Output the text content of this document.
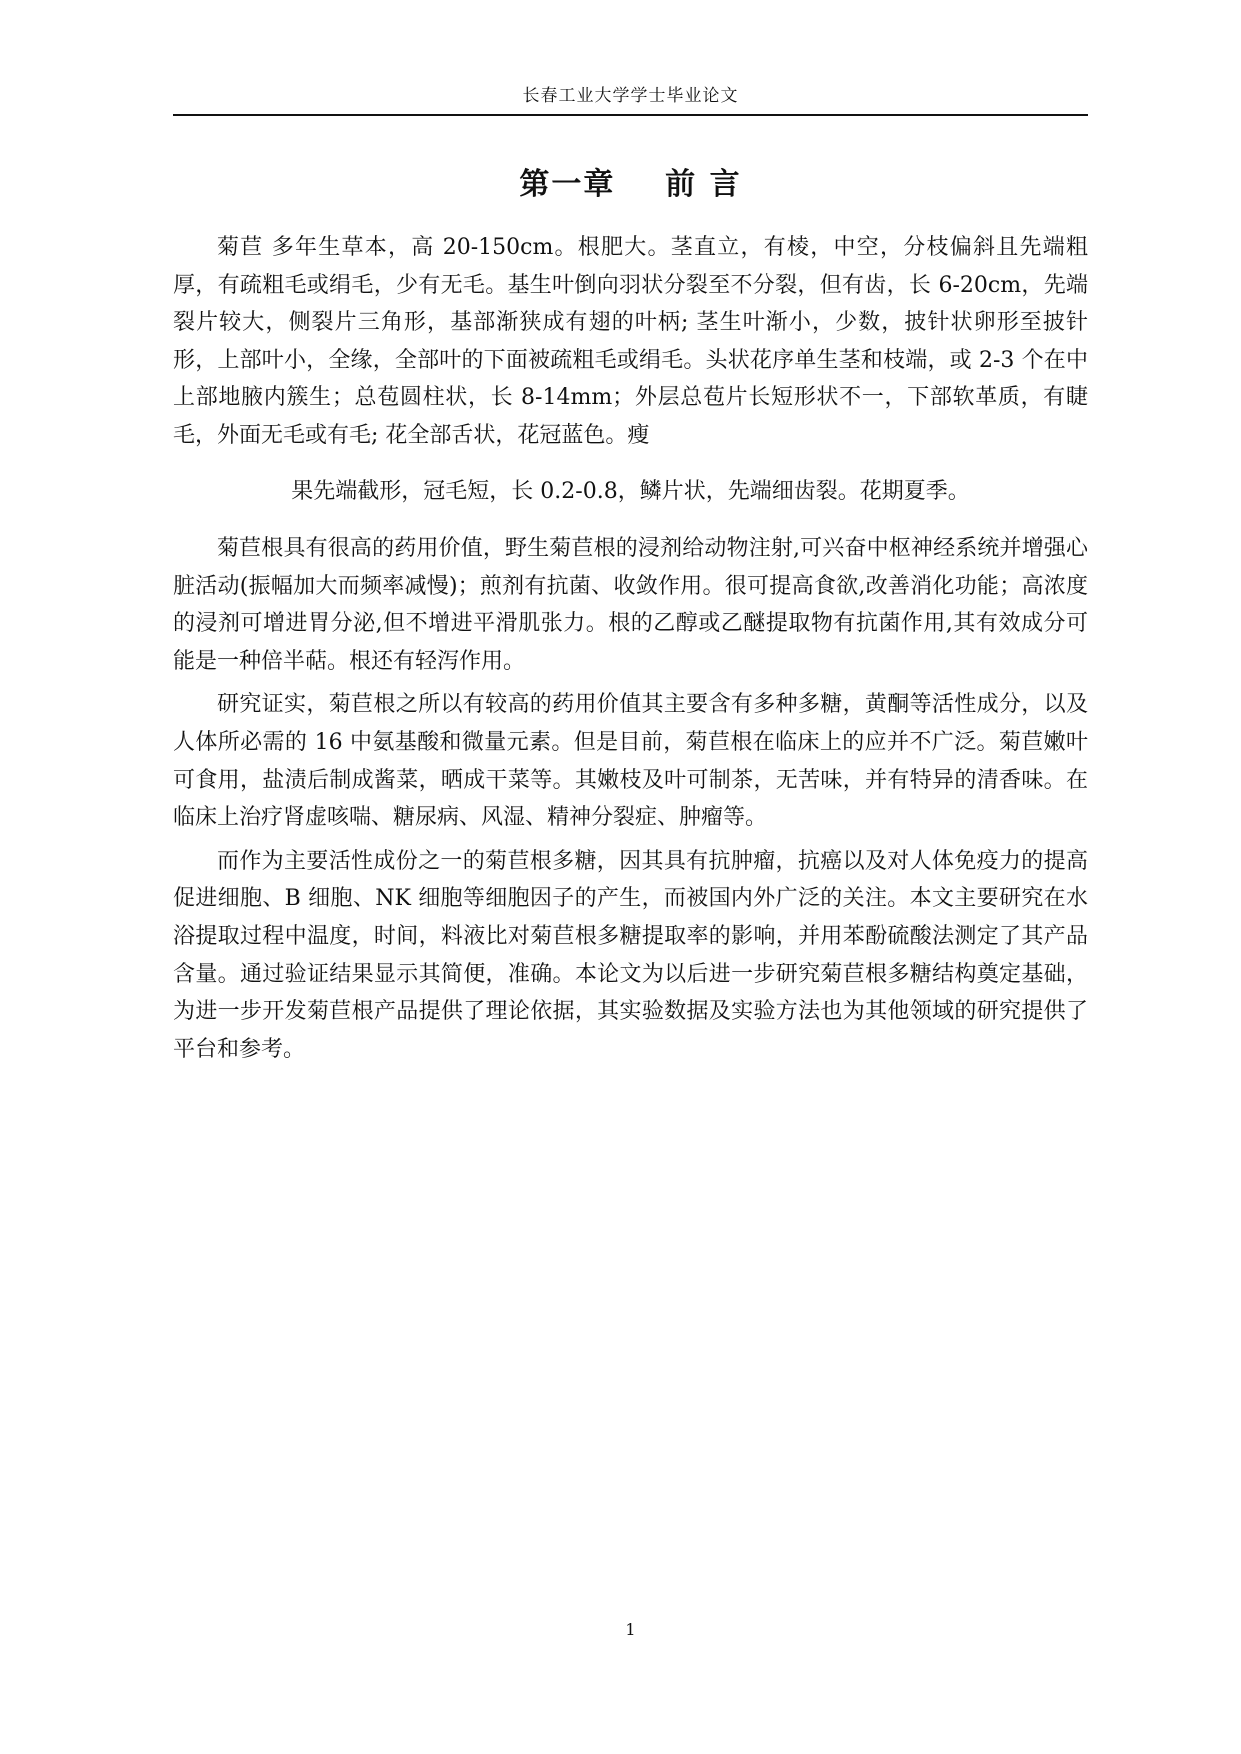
长春工业大学学士毕业论文
第一章    前 言

菊苣 多年生草本，高 20-150cm。根肥大。茎直立，有棱，中空，分枝偏斜且先端粗厚，有疏粗毛或绢毛，少有无毛。基生叶倒向羽状分裂至不分裂，但有齿，长 6-20cm，先端裂片较大，侧裂片三角形，基部渐狭成有翅的叶柄; 茎生叶渐小，少数，披针状卵形至披针形，上部叶小，全缘，全部叶的下面被疏粗毛或绢毛。头状花序单生茎和枝端，或 2-3 个在中上部地腋内簇生；总苞圆柱状，长 8-14mm；外层总苞片长短形状不一，下部软革质，有睫毛，外面无毛或有毛; 花全部舌状，花冠蓝色。瘦

果先端截形，冠毛短，长 0.2-0.8，鳞片状，先端细齿裂。花期夏季。

菊苣根具有很高的药用价值，野生菊苣根的浸剂给动物注射,可兴奋中枢神经系统并增强心脏活动(振幅加大而频率减慢)；煎剂有抗菌、收敛作用。很可提高食欲,改善消化功能；高浓度的浸剂可增进胃分泌,但不增进平滑肌张力。根的乙醇或乙醚提取物有抗菌作用,其有效成分可能是一种倍半萜。根还有轻泻作用。

研究证实，菊苣根之所以有较高的药用价值其主要含有多种多糖，黄酮等活性成分，以及人体所必需的 16 中氨基酸和微量元素。但是目前，菊苣根在临床上的应并不广泛。菊苣嫩叶可食用，盐渍后制成酱菜，晒成干菜等。其嫩枝及叶可制茶，无苦味，并有特异的清香味。在临床上治疗肾虚咳喘、糖尿病、风湿、精神分裂症、肿瘤等。

而作为主要活性成份之一的菊苣根多糖，因其具有抗肿瘤，抗癌以及对人体免疫力的提高促进细胞、B 细胞、NK 细胞等细胞因子的产生，而被国内外广泛的关注。本文主要研究在水浴提取过程中温度，时间，料液比对菊苣根多糖提取率的影响，并用苯酚硫酸法测定了其产品含量。通过验证结果显示其简便，准确。本论文为以后进一步研究菊苣根多糖结构奠定基础，为进一步开发菊苣根产品提供了理论依据，其实验数据及实验方法也为其他领域的研究提供了平台和参考。

1
